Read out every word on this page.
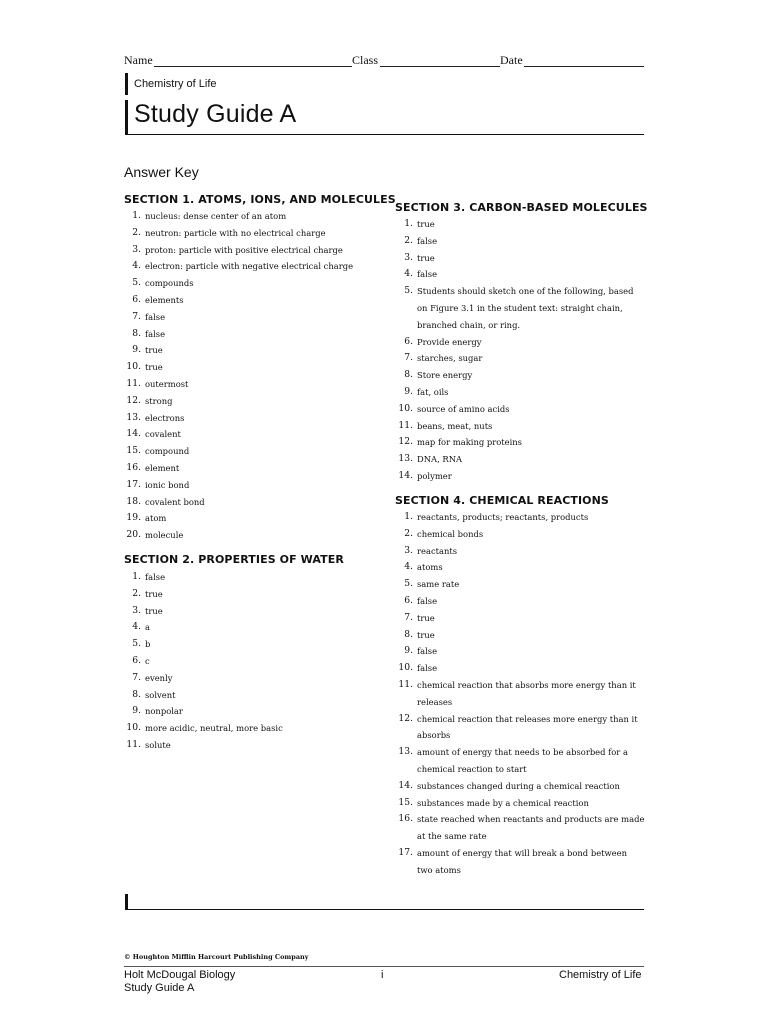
Name	Class	Date
Chemistry of Life
Study Guide A
Answer Key
SECTION 1. ATOMS, IONS, AND MOLECULES
1. nucleus: dense center of an atom
2. neutron: particle with no electrical charge
3. proton: particle with positive electrical charge
4. electron: particle with negative electrical charge
5. compounds
6. elements
7. false
8. false
9. true
10. true
11. outermost
12. strong
13. electrons
14. covalent
15. compound
16. element
17. ionic bond
18. covalent bond
19. atom
20. molecule
SECTION 2. PROPERTIES OF WATER
1. false
2. true
3. true
4. a
5. b
6. c
7. evenly
8. solvent
9. nonpolar
10. more acidic, neutral, more basic
11. solute
SECTION 3. CARBON-BASED MOLECULES
1. true
2. false
3. true
4. false
5. Students should sketch one of the following, based on Figure 3.1 in the student text: straight chain, branched chain, or ring.
6. Provide energy
7. starches, sugar
8. Store energy
9. fat, oils
10. source of amino acids
11. beans, meat, nuts
12. map for making proteins
13. DNA, RNA
14. polymer
SECTION 4. CHEMICAL REACTIONS
1. reactants, products; reactants, products
2. chemical bonds
3. reactants
4. atoms
5. same rate
6. false
7. true
8. true
9. false
10. false
11. chemical reaction that absorbs more energy than it releases
12. chemical reaction that releases more energy than it absorbs
13. amount of energy that needs to be absorbed for a chemical reaction to start
14. substances changed during a chemical reaction
15. substances made by a chemical reaction
16. state reached when reactants and products are made at the same rate
17. amount of energy that will break a bond between two atoms
© Houghton Mifflin Harcourt Publishing Company
Holt McDougal Biology
Study Guide A
i	Chemistry of Life
